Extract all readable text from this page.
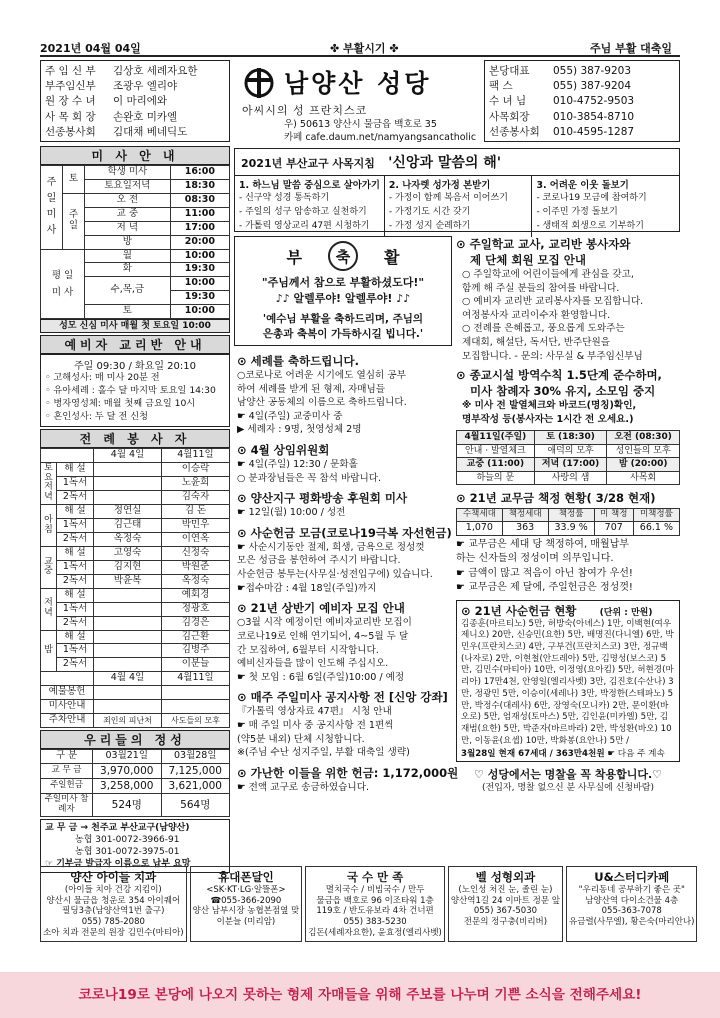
2021년 04월 04일	✤ 부활시기 ✤	주님 부활 대축일
주 임 신 부 김상호 세례자요한
부주임신부 조광우 엘리야
원 장 수 녀 이 마리에와
사 목 회 장 손완호 미카엘
선종봉사회 김대채 베네딕도
남양산 성당
아씨시의 성 프란치스코
우) 50613 양산시 물금읍 백호로 35
카페 cafe.daum.net/namyangsancatholic
본당대표 055) 387-9203
팩 스	055) 387-9204
수 녀 님	010-4752-9503
사목회장 010-3854-8710
선종봉사회 010-4595-1287
미 사 안 내
주
일
미
사	토	학생 미사	16:00
		토요일저녁	18:30

	주
일	오 전	08:30
		교 중	11:00
		저 녁	17:00
		방	20:00

평 일
미 사		월	10:00
		화	19:30
		수,목,금	10:00
			19:30
		토	10:00
성모 신심 미사 매월 첫 토요일 10:00
예비자 교리반 안내
주일 09:30 / 화요일 20:10
◦ 고해성사: 매 미사 20분 전
◦ 유아세례 : 홀수 달 마지막 토요일 14:30
◦ 병자영성체: 매월 첫째 금요일 10시
◦ 혼인성사: 두 달 전 신청
전 례 봉 사 자
		4월 4일	4월11일
토요저녁	해 설		이승락
	1독서		노윤희
	2독서		김숙자
아침	해 설	정연실	김 돈
	1독서	김근태	박민우
	2독서	옥정숙	이연옥
교중	해 설	고영숙	신정숙
	1독서	김지현	박원준
	2독서	박윤복	옥정숙
저녁	해 설		예회경
	1독서		정광호
	2독서		김경은
밤	해 설		김근환
	1독서		김병주
	2독서		이분늘
		4월 4일	4월11일
예물봉헌			
미사안내			
주차안내		죄인의 피난처	사도들의 모후
우리들의 정성
구 분	03월21일	03월28일
교 무 금	3,970,000	7,125,000
주일헌금	3,258,000	3,621,000
주일미사 참례자	524명	564명
교 무 금 → 천주교 부산교구(남양산)
농협 301-0072-3966-91
농협 301-0072-3975-01
☞ 기부금 발급자 이름으로 납부 요망
2021년 부산교구 사목지침 '신앙과 말씀의 해'
1. 하느님 말씀 중심으로 살아가기
- 신구약 성경 통독하기
- 주일의 성구 암송하고 실천하기
- 가톨릭 영상교리 47편 시청하기
2. 나자렛 성가정 본받기
- 가정이 함께 복음서 이어쓰기
- 가정기도 시간 갖기
- 가정 성지 순례하기
3. 어려운 이웃 돌보기
- 코로나19 모금에 참여하기
- 이주민 가정 돌보기
- 생태적 회생으로 기부하기
부	축	활
"주님께서 참으로 부활하셨도다!"
♪♪ 알렐루야! 알렐루야! ♪♪
'예수님 부활을 축하드리며, 주님의
은총과 축복이 가득하시길 빕니다.'
⊙ 세례를 축하드립니다.
○코로나로 어려운 시기에도 열심히 공부
하여 세례를 받게 된 형제, 자매님들
남양산 공동체의 이름으로 축하드립니다.
☛ 4일(주일) 교중미사 중
▶ 세례자 : 9명, 첫영성체 2명
⊙ 4월 상임위원회
☛ 4일(주일) 12:30 / 문화홀
○ 분과장님들은 꼭 참석 바랍니다.
⊙ 양산지구 평화방송 후원회 미사
☛ 12일(월) 10:00 / 성전
⊙ 사순헌금 모금(코로나19극복 자선헌금)
☛ 사순시기동안 절제, 희생, 금욕으로 정성껏
모은 성금을 봉헌하여 주시기 바랍니다.
사순헌금 봉투는(사무실·성전입구에) 있습니다.
☛접수마감 : 4월 18일(주일)까지
⊙ 21년 상반기 예비자 모집 안내
○3월 시작 예정이던 예비자교리반 모집이
코로나19로 인해 연기되어, 4~5월 두 달
간 모집하여, 6월부터 시작합니다.
예비신자들을 많이 인도해 주십시오.
☛ 첫 모임 : 6월 6일(주일)10:00 / 예정
⊙ 매주 주일미사 공지사항 전 [신앙 강좌]
『가톨릭 영상자료 47편』 시청 안내
☛ 매 주일 미사 중 공지사항 전 1편씩
(약5분 내외) 단체 시청합니다.
※(주님 수난 성지주일, 부활 대축일 생략)
⊙ 가난한 이들을 위한 헌금: 1,172,000원
☛ 전액 교구로 송금하였습니다.
⊙ 주일학교 교사, 교리반 봉사자와
제 단체 회원 모집 안내
○ 주일학교에 어린이들에게 관심을 갖고,
함께 해 주실 분들의 참여를 바랍니다.
○ 예비자 교리반 교리봉사자를 모집합니다.
여정봉사자 교리이수자 환영합니다.
○ 전례를 은혜롭고, 풍요롭게 도와주는
제대회, 해설단, 독서단, 반주단원을
모집합니다. - 문의: 사무실 & 부주임신부님
⊙ 종교시설 방역수칙 1.5단계 준수하며,
미사 참례자 30% 유지, 소모임 중지
※ 미사 전 발열체크와 바코드(명칭)확인,
명부작성 등(봉사자는 1시간 전 오세요.)
4월11일(주일)	토 (18:30)	오전 (08:30)
안내 · 발열체크	애덕의 모후	성인들의 모후
교중 (11:00)	저녁 (17:00)	밤 (20:00)
하늘의 문	사랑의 샘	사목회
⊙ 21년 교무금 책정 현황( 3/28 현재)
수책세대	책정세대	책정률	미 책정	미책정률
1,070	363	33.9 %	707	66.1 %
☛ 교무금은 세대 당 책정하여, 매월납부
하는 신자들의 정성이며 의무입니다.
☛ 금액이 많고 적음이 아닌 참여가 우선!
☛ 교무금은 제 달에, 주일헌금은 정성껏!
⊙ 21년 사순헌금 현황	(단위 : 만원)
김종훈(마르티노) 5만, 허방숙(아녜스) 1만, 이백현(여우제니오) 20만, 신승민(요한) 5만, 배명진(다니엘) 6만, 박민우(프란치스코) 4만, 구부건(프란치스코) 3만, 정규백(나자로) 2만, 이현철(안드레아) 5만, 김명성(보스코) 5만, 김민수(마티아) 10만, 이정영(요아킴) 5만, 허현경(마리아) 17만4천, 안영일(엘리사벳) 3만, 김진호(수산나) 3만, 정광민 5만, 이승이(세레나) 3만, 박정한(스테파노) 5만, 박정수(대레사) 6만, 장영숙(모니카) 2만, 문이환(바오로) 5만, 엄재성(토마스) 5만, 김인윤(미카엘) 5만, 김재범(요한) 5만, 박준자(바르바라) 2만, 박성환(바오) 10만, 이동윤(요셉) 10만, 박화봉(요안나) 5만 /
3월28일 현재 67세대 / 363만4천원 ☛ 다음 주 계속
♡ 성당에서는 명찰을 꼭 착용합니다.♡
(전입자, 명찰 없으신 분 사무실에 신청바람)
양산 아이들 치과
(아이들 치아 건강 지킴이)
양산시 물금읍 청운로 354 아이퀘어
필딩3층(남양산역1번 출구)
055) 785-2080
소아 치과 전문의 원장 김민수(마티아)
휴대폰달인
<SK·KT·LG·알뜰폰>
☎055-366-2090
양산 남부시장 농협본점옆 맞
이분늘 (미리암)
국 수 만 족
멸치국수 / 비빔국수 / 만두
물금읍 백호로 96 이조타워 1층
119호 / 반도유보라 4차 건너편
055) 383-5230
김돈(세례자요한), 윤효정(엘리사벳)
벨 성형외과
(노인성 처진 눈, 졸린 눈)
양산역1길 24 이마트 정문 앞
055) 367-5030
전문의 정구충(비리버)
U&스터디카페
"우리동네 공부하기 좋은 곳"
남양산역 다이소건물 4층
055-363-7078
유금렬(사무엘), 황은숙(마리안나)
코로나19로 본당에 나오지 못하는 형제 자매들을 위해 주보를 나누며 기쁜 소식을 전해주세요!
